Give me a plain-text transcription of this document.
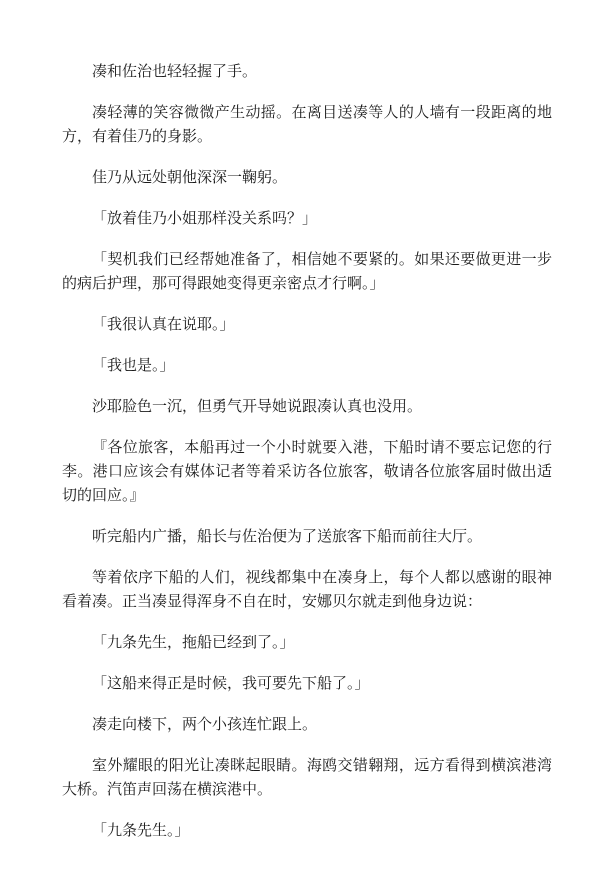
凑和佐治也轻轻握了手。

凑轻薄的笑容微微产生动摇。在离目送凑等人的人墙有一段距离的地方，有着佳乃的身影。

佳乃从远处朝他深深一鞠躬。

「放着佳乃小姐那样没关系吗？」

「契机我们已经帮她准备了，相信她不要紧的。如果还要做更进一步的病后护理，那可得跟她变得更亲密点才行啊。」

「我很认真在说耶。」

「我也是。」

沙耶脸色一沉，但勇气开导她说跟凑认真也没用。

『各位旅客，本船再过一个小时就要入港，下船时请不要忘记您的行李。港口应该会有媒体记者等着采访各位旅客，敬请各位旅客届时做出适切的回应。』

听完船内广播，船长与佐治便为了送旅客下船而前往大厅。

等着依序下船的人们，视线都集中在凑身上，每个人都以感谢的眼神看着凑。正当凑显得浑身不自在时，安娜贝尔就走到他身边说：

「九条先生，拖船已经到了。」

「这船来得正是时候，我可要先下船了。」

凑走向楼下，两个小孩连忙跟上。

室外耀眼的阳光让凑眯起眼睛。海鸥交错翱翔，远方看得到横滨港湾大桥。汽笛声回荡在横滨港中。

「九条先生。」
